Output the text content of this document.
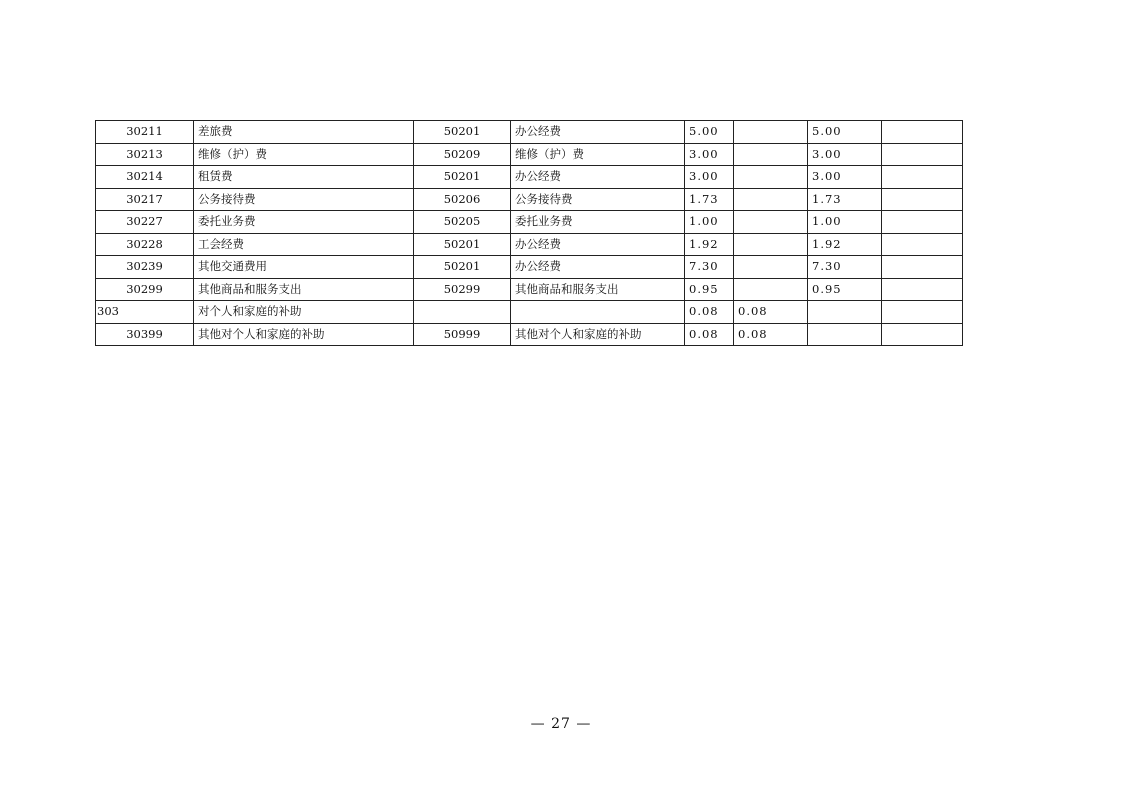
30211	差旅费	50201	办公经费	5.00		5.00	
30213	维修（护）费	50209	维修（护）费	3.00		3.00	
30214	租赁费	50201	办公经费	3.00		3.00	
30217	公务接待费	50206	公务接待费	1.73		1.73	
30227	委托业务费	50205	委托业务费	1.00		1.00	
30228	工会经费	50201	办公经费	1.92		1.92	
30239	其他交通费用	50201	办公经费	7.30		7.30	
30299	其他商品和服务支出	50299	其他商品和服务支出	0.95		0.95	
303	对个人和家庭的补助			0.08	0.08		
30399	其他对个人和家庭的补助	50999	其他对个人和家庭的补助	0.08	0.08		
— 27 —
